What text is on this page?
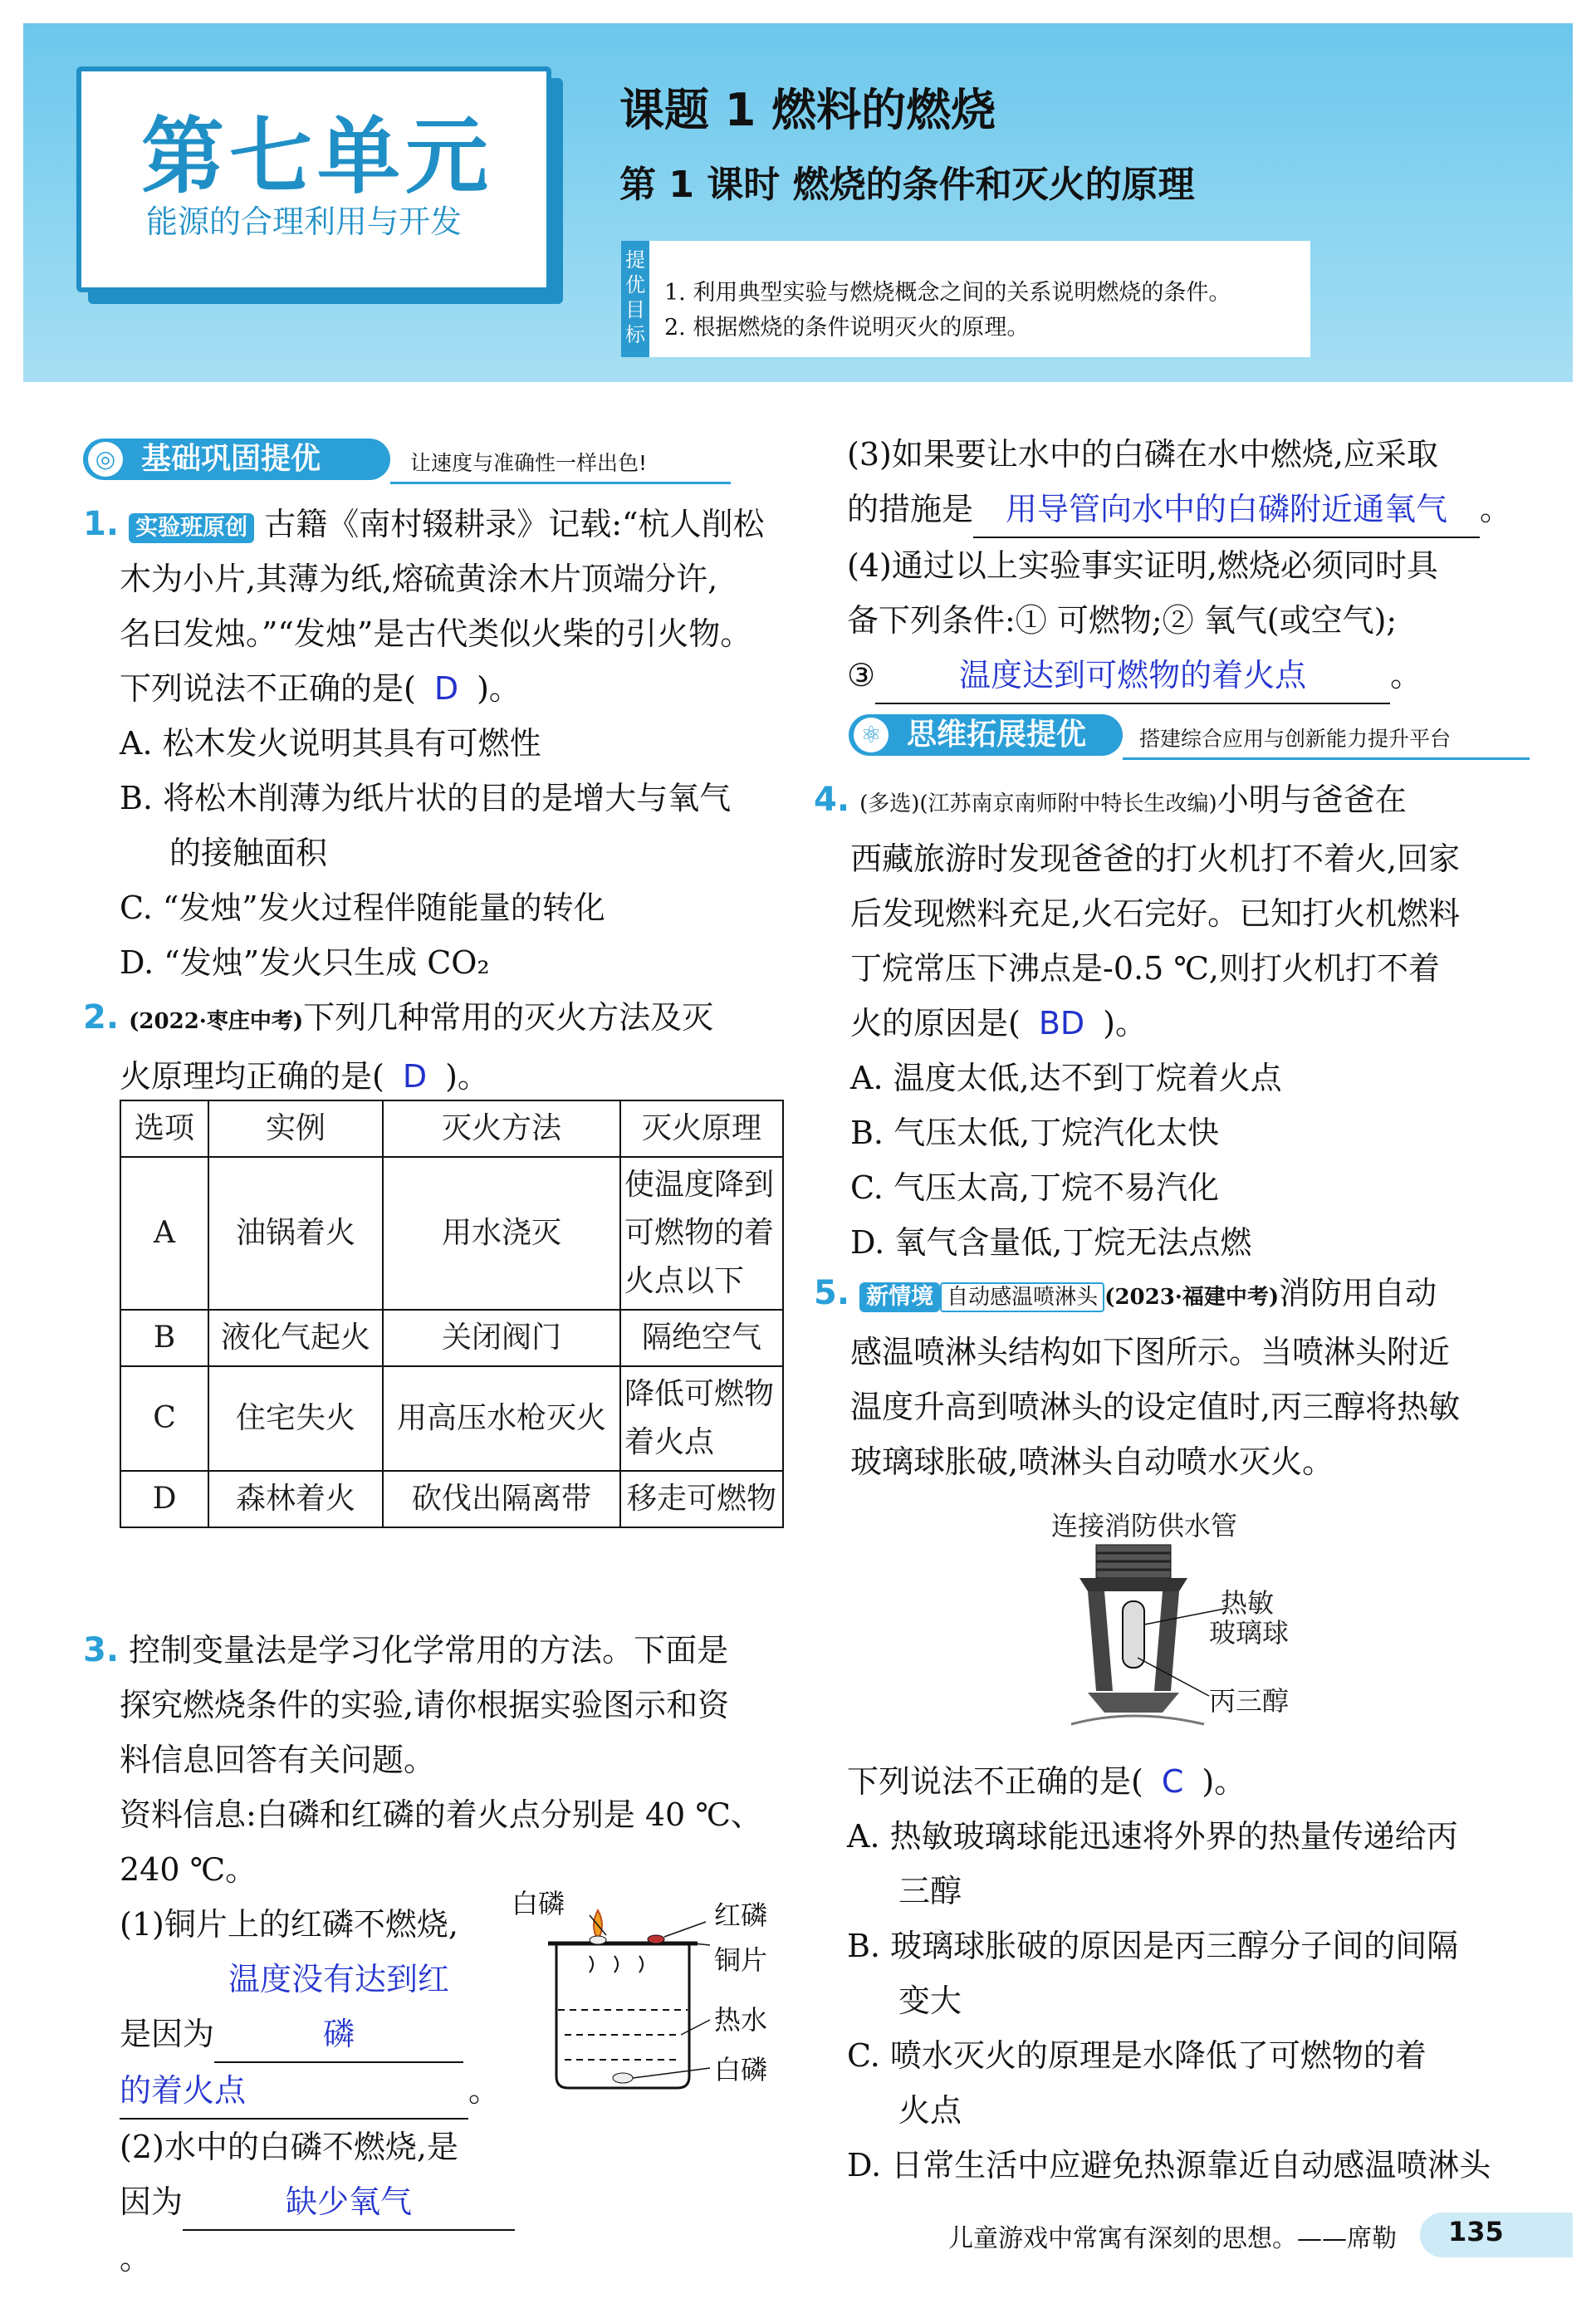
第七单元
能源的合理利用与开发
课题 1 燃料的燃烧
第 1 课时 燃烧的条件和灭火的原理
提优目标
1. 利用典型实验与燃烧概念之间的关系说明燃烧的条件。
2. 根据燃烧的条件说明灭火的原理。
◎ 基础巩固提优	让速度与准确性一样出色!
1. 实验班原创 古籍《南村辍耕录》记载:“杭人削松
木为小片,其薄为纸,熔硫黄涂木片顶端分许,
名曰发烛。”“发烛”是古代类似火柴的引火物。
下列说法不正确的是( D )。
A. 松木发火说明其具有可燃性
B. 将松木削薄为纸片状的目的是增大与氧气
的接触面积
C. “发烛”发火过程伴随能量的转化
D. “发烛”发火只生成 CO₂
2. (2022·枣庄中考)下列几种常用的灭火方法及灭
火原理均正确的是( D )。
选项	实例	灭火方法	灭火原理
A	油锅着火	用水浇灭	使温度降到可燃物的着火点以下
B	液化气起火	关闭阀门	隔绝空气
C	住宅失火	用高压水枪灭火	降低可燃物着火点
D	森林着火	砍伐出隔离带	移走可燃物
3. 控制变量法是学习化学常用的方法。下面是
探究燃烧条件的实验,请你根据实验图示和资
料信息回答有关问题。
资料信息:白磷和红磷的着火点分别是 40 ℃、
240 ℃。
(1)铜片上的红磷不燃烧,
是因为温度没有达到红磷
的着火点	。
(2)水中的白磷不燃烧,是
因为	缺少氧气。
白磷	红磷
铜片
热水
白磷
(3)如果要让水中的白磷在水中燃烧,应采取
的措施是 用导管向水中的白磷附近通氧气 。
(4)通过以上实验事实证明,燃烧必须同时具
备下列条件:① 可燃物;② 氧气(或空气);
③	温度达到可燃物的着火点	。
⚛ 思维拓展提优	搭建综合应用与创新能力提升平台
4. (多选)(江苏南京南师附中特长生改编)小明与爸爸在
西藏旅游时发现爸爸的打火机打不着火,回家
后发现燃料充足,火石完好。已知打火机燃料
丁烷常压下沸点是-0.5 ℃,则打火机打不着
火的原因是( BD )。
A. 温度太低,达不到丁烷着火点
B. 气压太低,丁烷汽化太快
C. 气压太高,丁烷不易汽化
D. 氧气含量低,丁烷无法点燃
5. 新情境 自动感温喷淋头 (2023·福建中考)消防用自动
感温喷淋头结构如下图所示。当喷淋头附近
温度升高到喷淋头的设定值时,丙三醇将热敏
玻璃球胀破,喷淋头自动喷水灭火。
连接消防供水管
热敏
玻璃球
丙三醇
下列说法不正确的是( C )。
A. 热敏玻璃球能迅速将外界的热量传递给丙
三醇
B. 玻璃球胀破的原因是丙三醇分子间的间隔
变大
C. 喷水灭火的原理是水降低了可燃物的着
火点
D. 日常生活中应避免热源靠近自动感温喷淋头
儿童游戏中常寓有深刻的思想。——席勒 135
